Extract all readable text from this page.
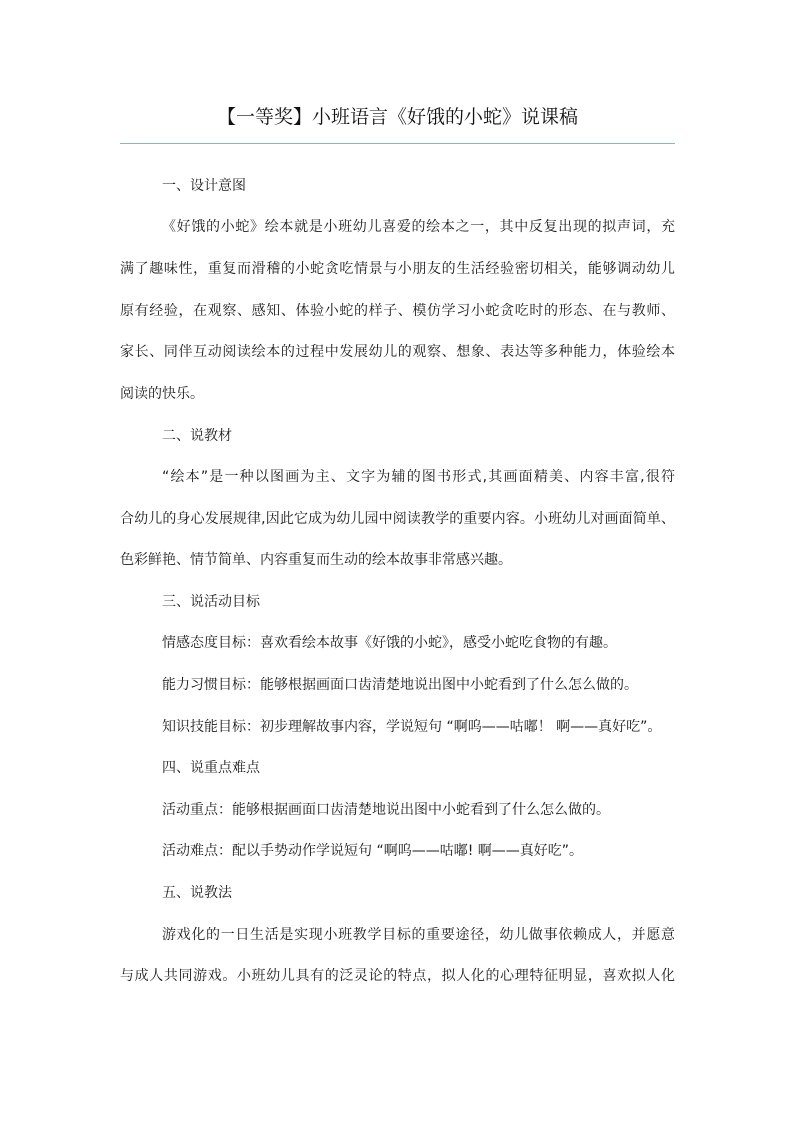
【一等奖】小班语言《好饿的小蛇》说课稿
一、设计意图
《好饿的小蛇》绘本就是小班幼儿喜爱的绘本之一，其中反复出现的拟声词，充
满了趣味性，重复而滑稽的小蛇贪吃情景与小朋友的生活经验密切相关，能够调动幼儿
原有经验，在观察、感知、体验小蛇的样子、模仿学习小蛇贪吃时的形态、在与教师、
家长、同伴互动阅读绘本的过程中发展幼儿的观察、想象、表达等多种能力，体验绘本
阅读的快乐。
二、说教材
“绘本”是一种以图画为主、文字为辅的图书形式,其画面精美、内容丰富,很符
合幼儿的身心发展规律,因此它成为幼儿园中阅读教学的重要内容。小班幼儿对画面简单、
色彩鲜艳、情节简单、内容重复而生动的绘本故事非常感兴趣。
三、说活动目标
情感态度目标：喜欢看绘本故事《好饿的小蛇》，感受小蛇吃食物的有趣。
能力习惯目标：能够根据画面口齿清楚地说出图中小蛇看到了什么怎么做的。
知识技能目标：初步理解故事内容，学说短句 “啊呜——咕嘟！ 啊——真好吃”。
四、说重点难点
活动重点：能够根据画面口齿清楚地说出图中小蛇看到了什么怎么做的。
活动难点：配以手势动作学说短句 “啊呜——咕嘟! 啊——真好吃”。
五、说教法
游戏化的一日生活是实现小班教学目标的重要途径，幼儿做事依赖成人，并愿意
与成人共同游戏。小班幼儿具有的泛灵论的特点，拟人化的心理特征明显，喜欢拟人化
